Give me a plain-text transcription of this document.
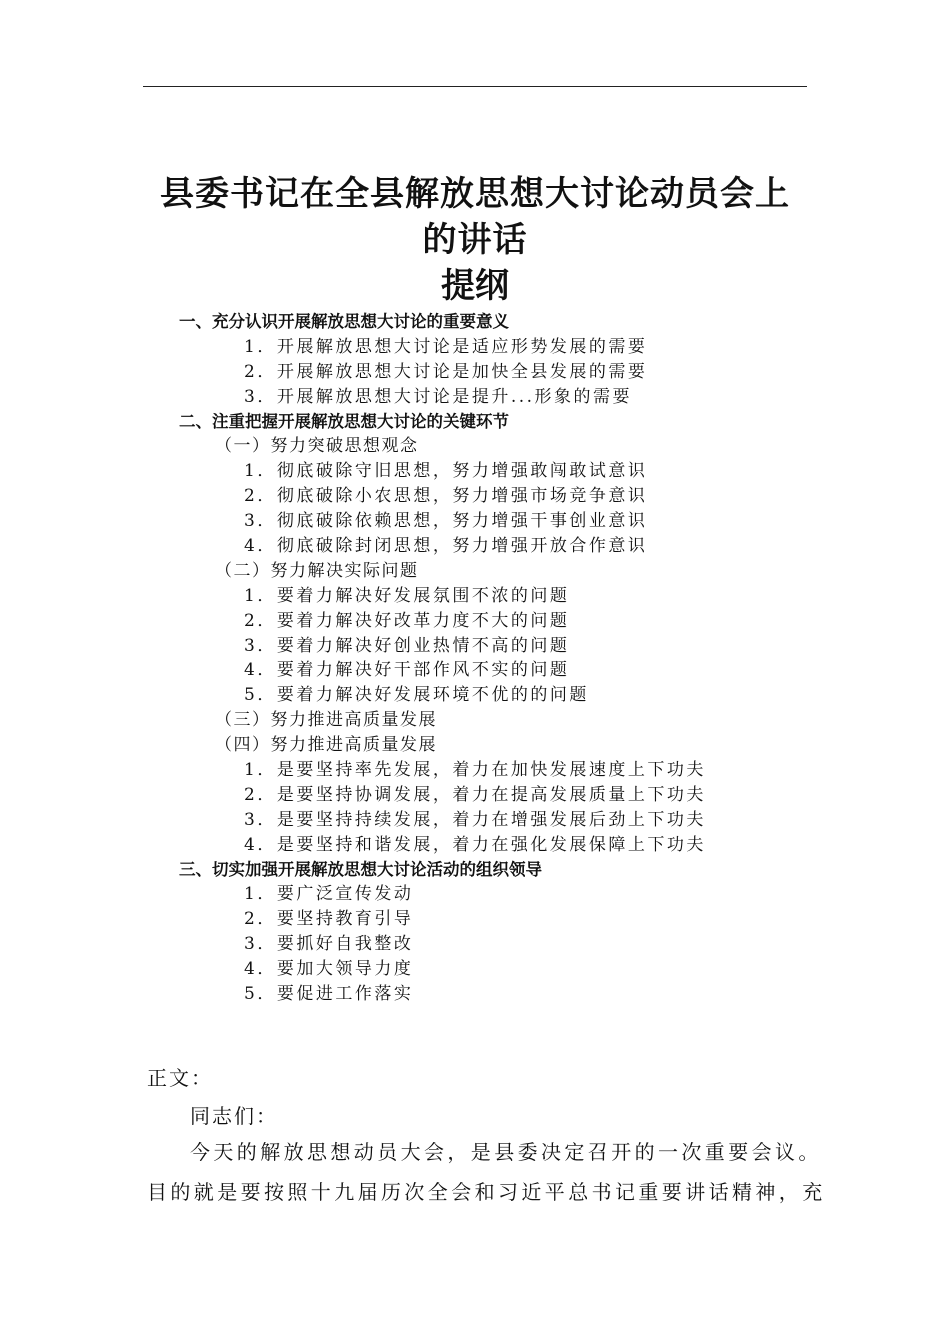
县委书记在全县解放思想大讨论动员会上
的讲话
提纲
一、充分认识开展解放思想大讨论的重要意义
1．开展解放思想大讨论是适应形势发展的需要
2．开展解放思想大讨论是加快全县发展的需要
3．开展解放思想大讨论是提升...形象的需要
二、注重把握开展解放思想大讨论的关键环节
（一）努力突破思想观念
1．彻底破除守旧思想，努力增强敢闯敢试意识
2．彻底破除小农思想，努力增强市场竞争意识
3．彻底破除依赖思想，努力增强干事创业意识
4．彻底破除封闭思想，努力增强开放合作意识
（二）努力解决实际问题
1．要着力解决好发展氛围不浓的问题
2．要着力解决好改革力度不大的问题
3．要着力解决好创业热情不高的问题
4．要着力解决好干部作风不实的问题
5．要着力解决好发展环境不优的的问题
（三）努力推进高质量发展
（四）努力推进高质量发展
1．是要坚持率先发展，着力在加快发展速度上下功夫
2．是要坚持协调发展，着力在提高发展质量上下功夫
3．是要坚持持续发展，着力在增强发展后劲上下功夫
4．是要坚持和谐发展，着力在强化发展保障上下功夫
三、切实加强开展解放思想大讨论活动的组织领导
1．要广泛宣传发动
2．要坚持教育引导
3．要抓好自我整改
4．要加大领导力度
5．要促进工作落实
正文：
同志们：
今天的解放思想动员大会，是县委决定召开的一次重要会议。
目的就是要按照十九届历次全会和习近平总书记重要讲话精神，充
